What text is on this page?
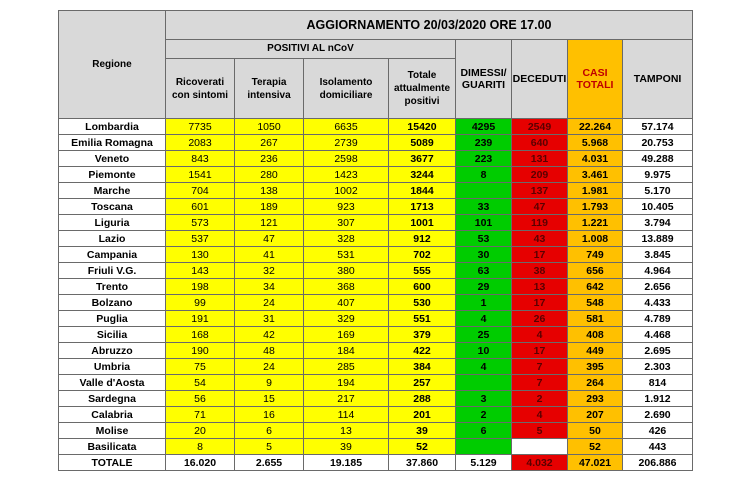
Regione	AGGIORNAMENTO 20/03/2020 ORE 17.00							
	POSITIVI AL nCoV				DIMESSI/ GUARITI	DECEDUTI	CASI TOTALI	TAMPONI
	Ricoverati con sintomi	Terapia intensiva	Isolamento domiciliare	Totale attualmente positivi				
Lombardia	7735	1050	6635	15420	4295	2549	22.264	57.174
Emilia Romagna	2083	267	2739	5089	239	640	5.968	20.753
Veneto	843	236	2598	3677	223	131	4.031	49.288
Piemonte	1541	280	1423	3244	8	209	3.461	9.975
Marche	704	138	1002	1844		137	1.981	5.170
Toscana	601	189	923	1713	33	47	1.793	10.405
Liguria	573	121	307	1001	101	119	1.221	3.794
Lazio	537	47	328	912	53	43	1.008	13.889
Campania	130	41	531	702	30	17	749	3.845
Friuli V.G.	143	32	380	555	63	38	656	4.964
Trento	198	34	368	600	29	13	642	2.656
Bolzano	99	24	407	530	1	17	548	4.433
Puglia	191	31	329	551	4	26	581	4.789
Sicilia	168	42	169	379	25	4	408	4.468
Abruzzo	190	48	184	422	10	17	449	2.695
Umbria	75	24	285	384	4	7	395	2.303
Valle d'Aosta	54	9	194	257		7	264	814
Sardegna	56	15	217	288	3	2	293	1.912
Calabria	71	16	114	201	2	4	207	2.690
Molise	20	6	13	39	6	5	50	426
Basilicata	8	5	39	52			52	443
TOTALE	16.020	2.655	19.185	37.860	5.129	4.032	47.021	206.886
